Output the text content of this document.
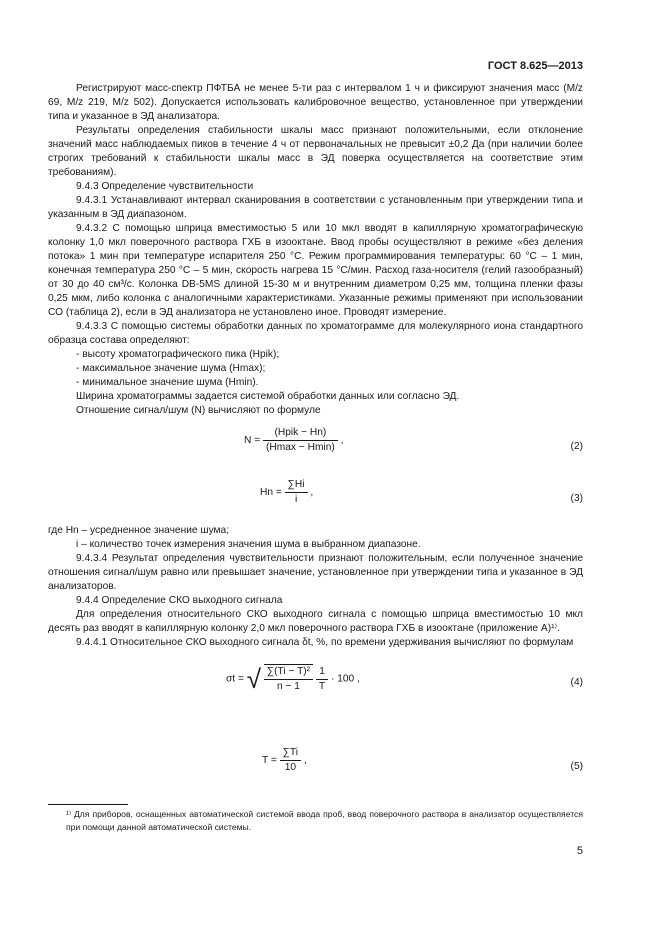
ГОСТ 8.625—2013

Регистрируют масс-спектр ПФТБА не менее 5-ти раз с интервалом 1 ч и фиксируют значения масс (M/z 69, M/z 219, M/z 502). Допускается использовать калибровочное вещество, установленное при утверждении типа и указанное в ЭД анализатора.

Результаты определения стабильности шкалы масс признают положительными, если отклонение значений масс наблюдаемых пиков в течение 4 ч от первоначальных не превысит ±0,2 Да (при наличии более строгих требований к стабильности шкалы масс в ЭД поверка осуществляется на соответствие этим требованиям).

9.4.3 Определение чувствительности

9.4.3.1 Устанавливают интервал сканирования в соответствии с установленным при утверждении типа и указанным в ЭД диапазоном.

9.4.3.2 С помощью шприца вместимостью 5 или 10 мкл вводят в капиллярную хроматографическую колонку 1,0 мкл поверочного раствора ГХБ в изооктане. Ввод пробы осуществляют в режиме «без деления потока» 1 мин при температуре испарителя 250 °С. Режим программирования температуры: 60 °С – 1 мин, конечная температура 250 °С – 5 мин, скорость нагрева 15 °С/мин. Расход газа-носителя (гелий газообразный) от 30 до 40 см³/с. Колонка DB-5MS длиной 15-30 м и внутренним диаметром 0,25 мм, толщина пленки фазы 0,25 мкм, либо колонка с аналогичными характеристиками. Указанные режимы применяют при использовании СО (таблица 2), если в ЭД анализатора не установлено иное. Проводят измерение.

9.4.3.3 С помощью системы обработки данных по хроматограмме для молекулярного иона стандартного образца состава определяют:

- высоту хроматографического пика (Hpik);

- максимальное значение шума (Hmax);

- минимальное значение шума (Hmin).

Ширина хроматограммы задается системой обработки данных или согласно ЭД.

Отношение сигнал/шум (N) вычисляют по формуле

$N = \frac{\text{(Hpik − Hn)}}{(Hmax - Hmin)}$ ,
(2)
$Hn = \frac{\sum Hi}{i}$ ,
(3)

где Hn – усредненное значение шума;

i – количество точек измерения значения шума в выбранном диапазоне.

9.4.3.4 Результат определения чувствительности признают положительным, если полученное значение отношения сигнал/шум равно или превышает значение, установленное при утверждении типа и указанное в ЭД анализаторов.

9.4.4 Определение СКО выходного сигнала

Для определения относительного СКО выходного сигнала с помощью шприца вместимостью 10 мкл десять раз вводят в капиллярную колонку 2,0 мкл поверочного раствора ГХБ в изооктане (приложение А)¹⁾.

9.4.4.1 Относительное СКО выходного сигнала δt, %, по времени удерживания вычисляют по формулам

σt = √ $\frac{\text{∑(Ti − T)²}}{n - 1}$
$\frac{1}{T} \cdot 100$ ,	(4)
$T = \frac{\sum Ti}{10}$ ,
(5)

¹⁾ Для приборов, оснащенных автоматической системой ввода проб, ввод поверочного раствора в анализатор осуществляется при помощи данной автоматической системы.

5
